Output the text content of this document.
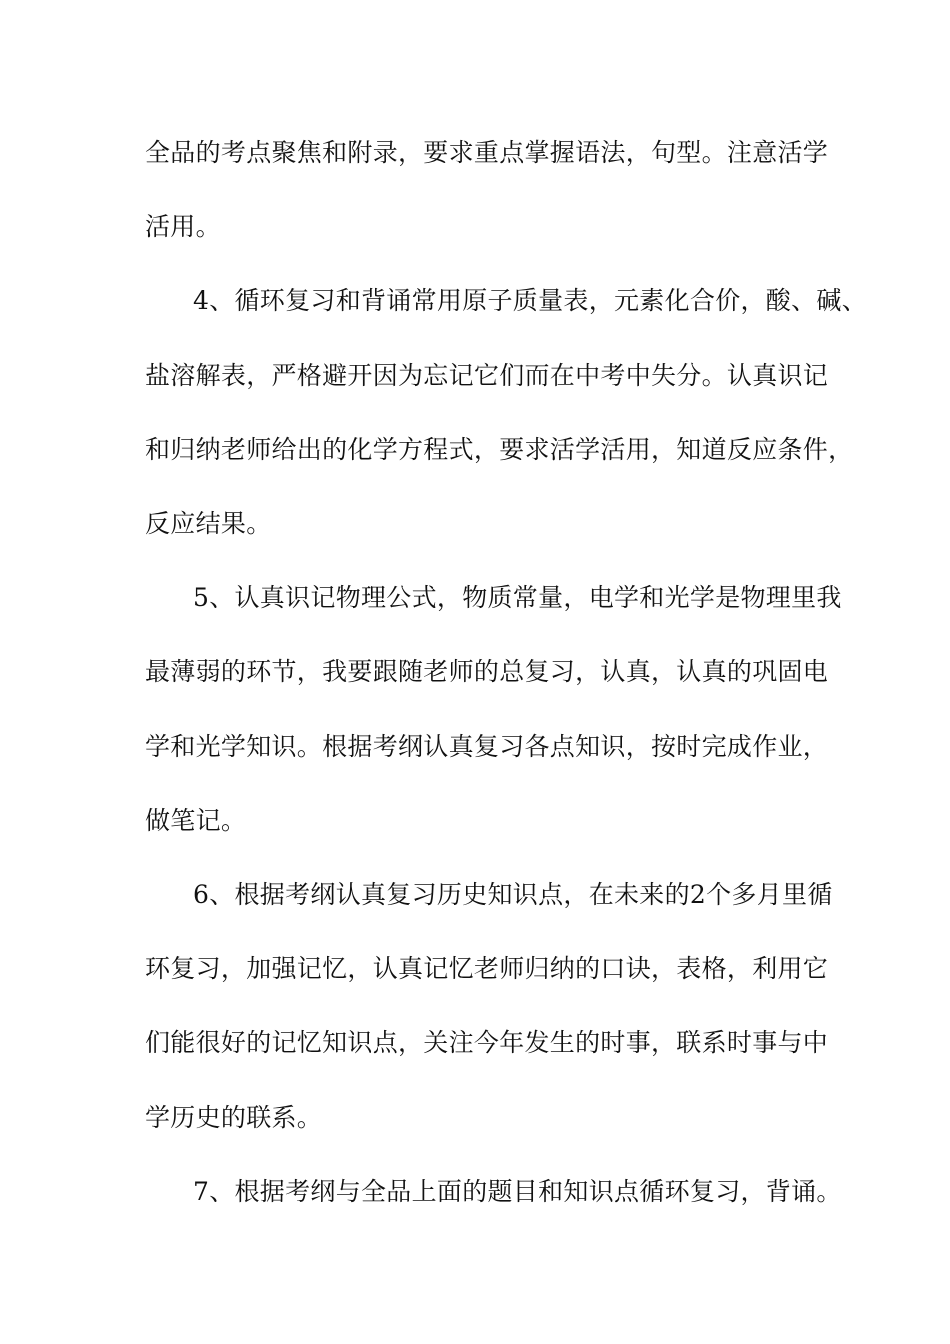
全品的考点聚焦和附录，要求重点掌握语法，句型。注意活学
活用。
4、循环复习和背诵常用原子质量表，元素化合价，酸、碱、
盐溶解表，严格避开因为忘记它们而在中考中失分。认真识记
和归纳老师给出的化学方程式，要求活学活用，知道反应条件，
反应结果。
5、认真识记物理公式，物质常量，电学和光学是物理里我
最薄弱的环节，我要跟随老师的总复习，认真，认真的巩固电
学和光学知识。根据考纲认真复习各点知识，按时完成作业，
做笔记。
6、根据考纲认真复习历史知识点，在未来的2个多月里循
环复习，加强记忆，认真记忆老师归纳的口诀，表格，利用它
们能很好的记忆知识点，关注今年发生的时事，联系时事与中
学历史的联系。
7、根据考纲与全品上面的题目和知识点循环复习，背诵。
